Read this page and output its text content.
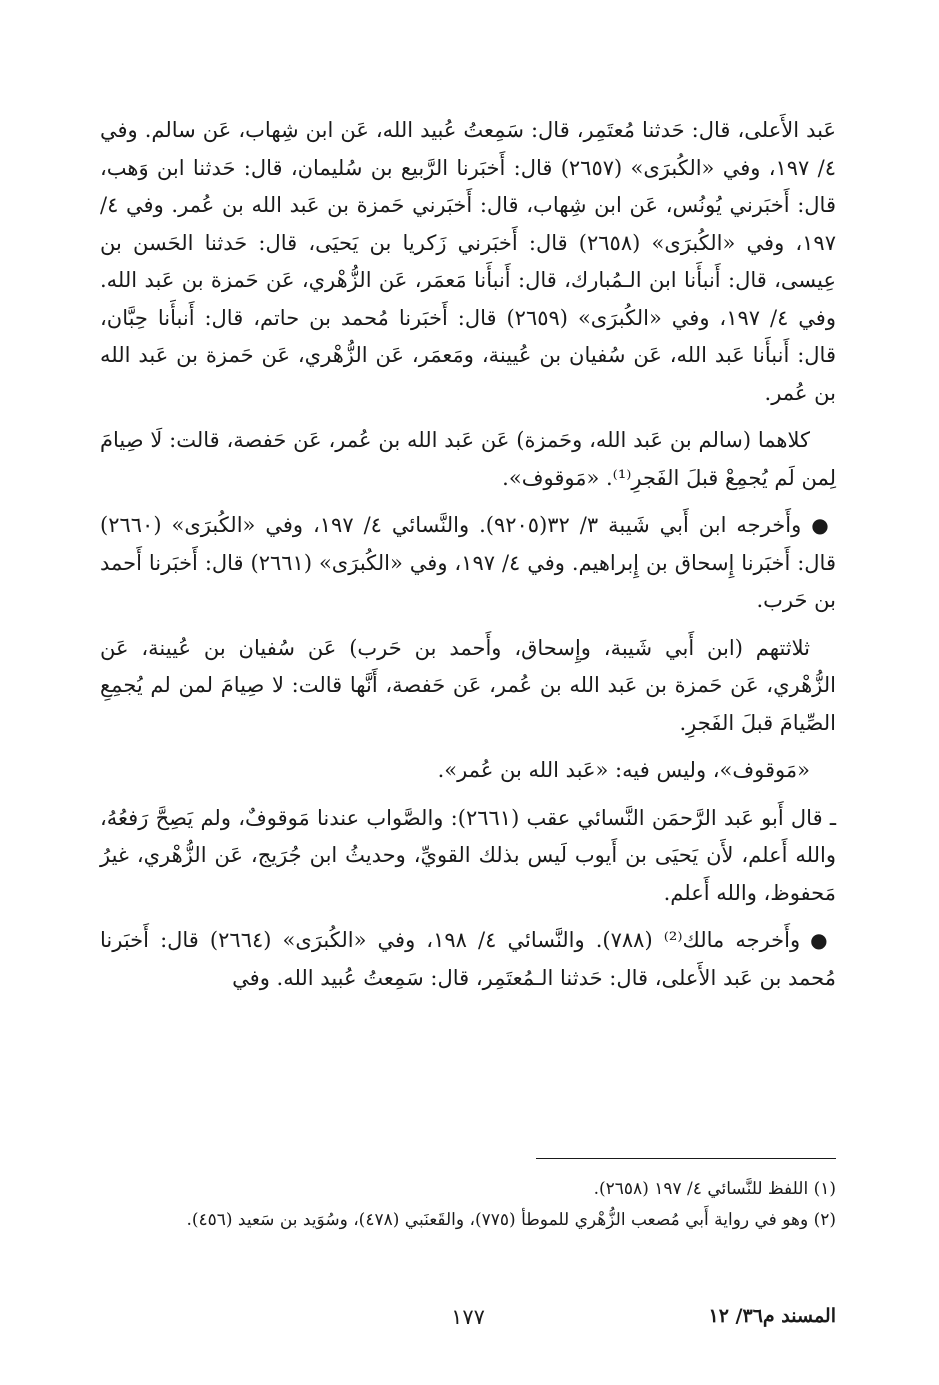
عَبد الأَعلى، قال: حَدثنا مُعتَمِر، قال: سَمِعتُ عُبيد الله، عَن ابن شِهاب، عَن سالم. وفي ٤/ ١٩٧، وفي «الكُبرَى» (٢٦٥٧) قال: أَخبَرنا الرَّبيع بن سُليمان، قال: حَدثنا ابن وَهب، قال: أَخبَرني يُونُس، عَن ابن شِهاب، قال: أَخبَرني حَمزة بن عَبد الله بن عُمر. وفي ٤/ ١٩٧، وفي «الكُبرَى» (٢٦٥٨) قال: أَخبَرني زَكريا بن يَحيَى، قال: حَدثنا الحَسن بن عِيسى، قال: أَنبأَنا ابن الـمُبارك، قال: أَنبأَنا مَعمَر، عَن الزُّهْري، عَن حَمزة بن عَبد الله. وفي ٤/ ١٩٧، وفي «الكُبرَى» (٢٦٥٩) قال: أَخبَرنا مُحمد بن حاتم، قال: أَنبأَنا حِبَّان، قال: أَنبأَنا عَبد الله، عَن سُفيان بن عُيينة، ومَعمَر، عَن الزُّهْري، عَن حَمزة بن عَبد الله بن عُمر.

كلاهما (سالم بن عَبد الله، وحَمزة) عَن عَبد الله بن عُمر، عَن حَفصة، قالت: لَا صِيامَ لِمن لَم يُجمِعْ قبلَ الفَجرِ⁽¹⁾. «مَوقوف».

●وأَخرجه ابن أَبي شَيبة ٣/ ٣٢(٩٢٠٥). والنَّسائي ٤/ ١٩٧، وفي «الكُبرَى» (٢٦٦٠) قال: أَخبَرنا إِسحاق بن إِبراهيم. وفي ٤/ ١٩٧، وفي «الكُبرَى» (٢٦٦١) قال: أَخبَرنا أَحمد بن حَرب.

ثلاثتهم (ابن أَبي شَيبة، وإِسحاق، وأَحمد بن حَرب) عَن سُفيان بن عُيينة، عَن الزُّهْري، عَن حَمزة بن عَبد الله بن عُمر، عَن حَفصة، أَنَّها قالت: لا صِيامَ لمن لم يُجمِعِ الصِّيامَ قبلَ الفَجرِ.

«مَوقوف»، وليس فيه: «عَبد الله بن عُمر».

ـ قال أَبو عَبد الرَّحمَن النَّسائي عقب (٢٦٦١): والصَّواب عندنا مَوقوفٌ، ولم يَصِحَّ رَفعُهُ، والله أَعلم، لأَن يَحيَى بن أَيوب لَيس بذلك القويِّ، وحديثُ ابن جُرَيج، عَن الزُّهْري، غيرُ مَحفوظ، والله أَعلم.

●وأَخرجه مالك⁽²⁾ (٧٨٨). والنَّسائي ٤/ ١٩٨، وفي «الكُبرَى» (٢٦٦٤) قال: أَخبَرنا مُحمد بن عَبد الأَعلى، قال: حَدثنا الـمُعتَمِر، قال: سَمِعتُ عُبيد الله. وفي

(١) اللفظ للنَّسائي ٤/ ١٩٧ (٢٦٥٨).

(٢) وهو في رواية أَبي مُصعب الزُّهْري للموطأ (٧٧٥)، والقَعنَبي (٤٧٨)، وسُوَيد بن سَعيد (٤٥٦).

المسند م٣٦/ ١٢
١٧٧
